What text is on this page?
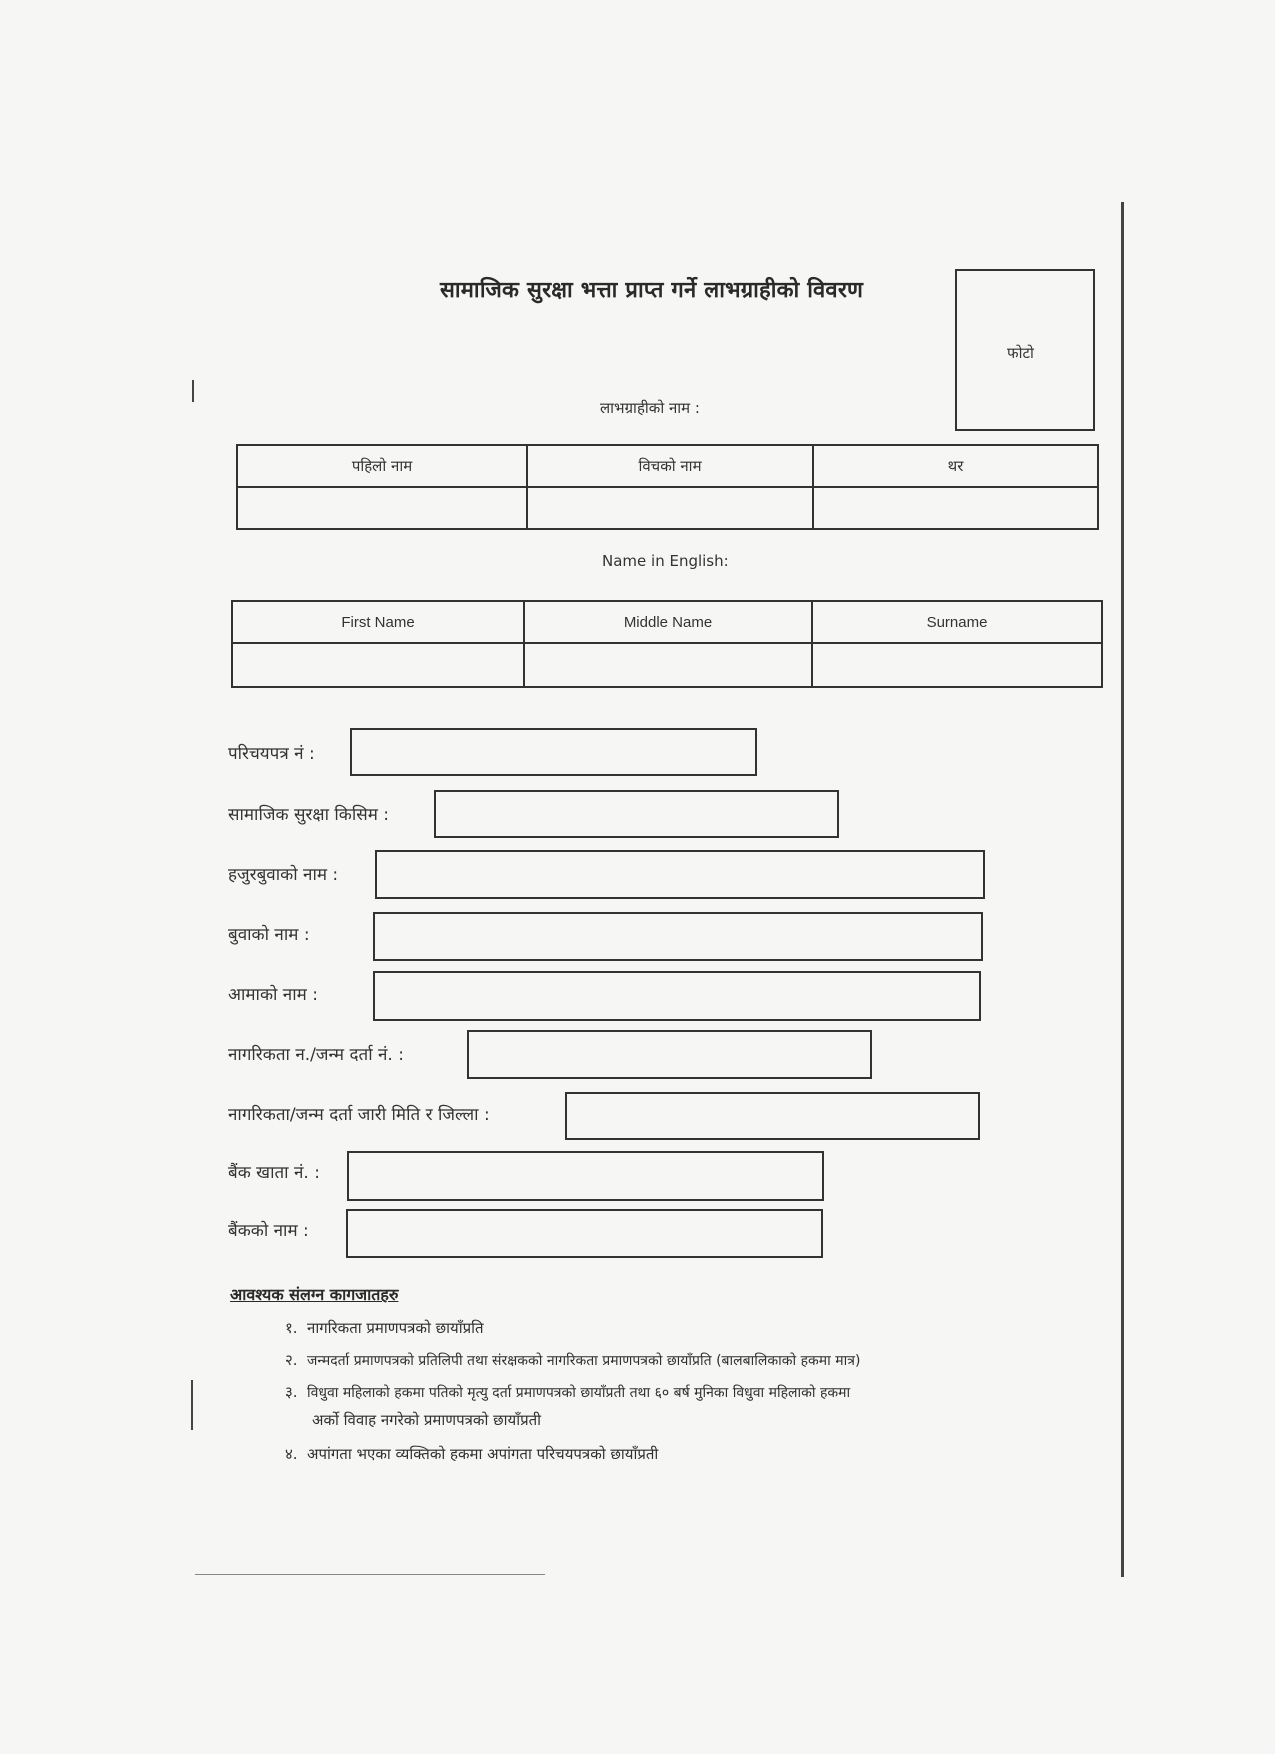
सामाजिक सुरक्षा भत्ता प्राप्त गर्ने लाभग्राहीको विवरण
फोटो
लाभग्राहीको नाम :
पहिलो नाम	विचको नाम	थर

Name in English:
First Name	Middle Name	Surname

परिचयपत्र नं :
सामाजिक सुरक्षा किसिम :
हजुरबुवाको नाम :
बुवाको नाम :
आमाको नाम :
नागरिकता न./जन्म दर्ता नं. :
नागरिकता/जन्म दर्ता जारी मिति र जिल्ला :
बैंक खाता नं. :
बैंकको नाम :
आवश्यक संलग्न कागजातहरु
१. नागरिकता प्रमाणपत्रको छायाँप्रति
२. जन्मदर्ता प्रमाणपत्रको प्रतिलिपी तथा संरक्षकको नागरिकता प्रमाणपत्रको छायाँप्रति (बालबालिकाको हकमा मात्र)
३. विधुवा महिलाको हकमा पतिको मृत्यु दर्ता प्रमाणपत्रको छायाँप्रती तथा ६० बर्ष मुनिका विधुवा महिलाको हकमा
अर्को विवाह नगरेको प्रमाणपत्रको छायाँप्रती
४. अपांगता भएका व्यक्तिको हकमा अपांगता परिचयपत्रको छायाँप्रती
